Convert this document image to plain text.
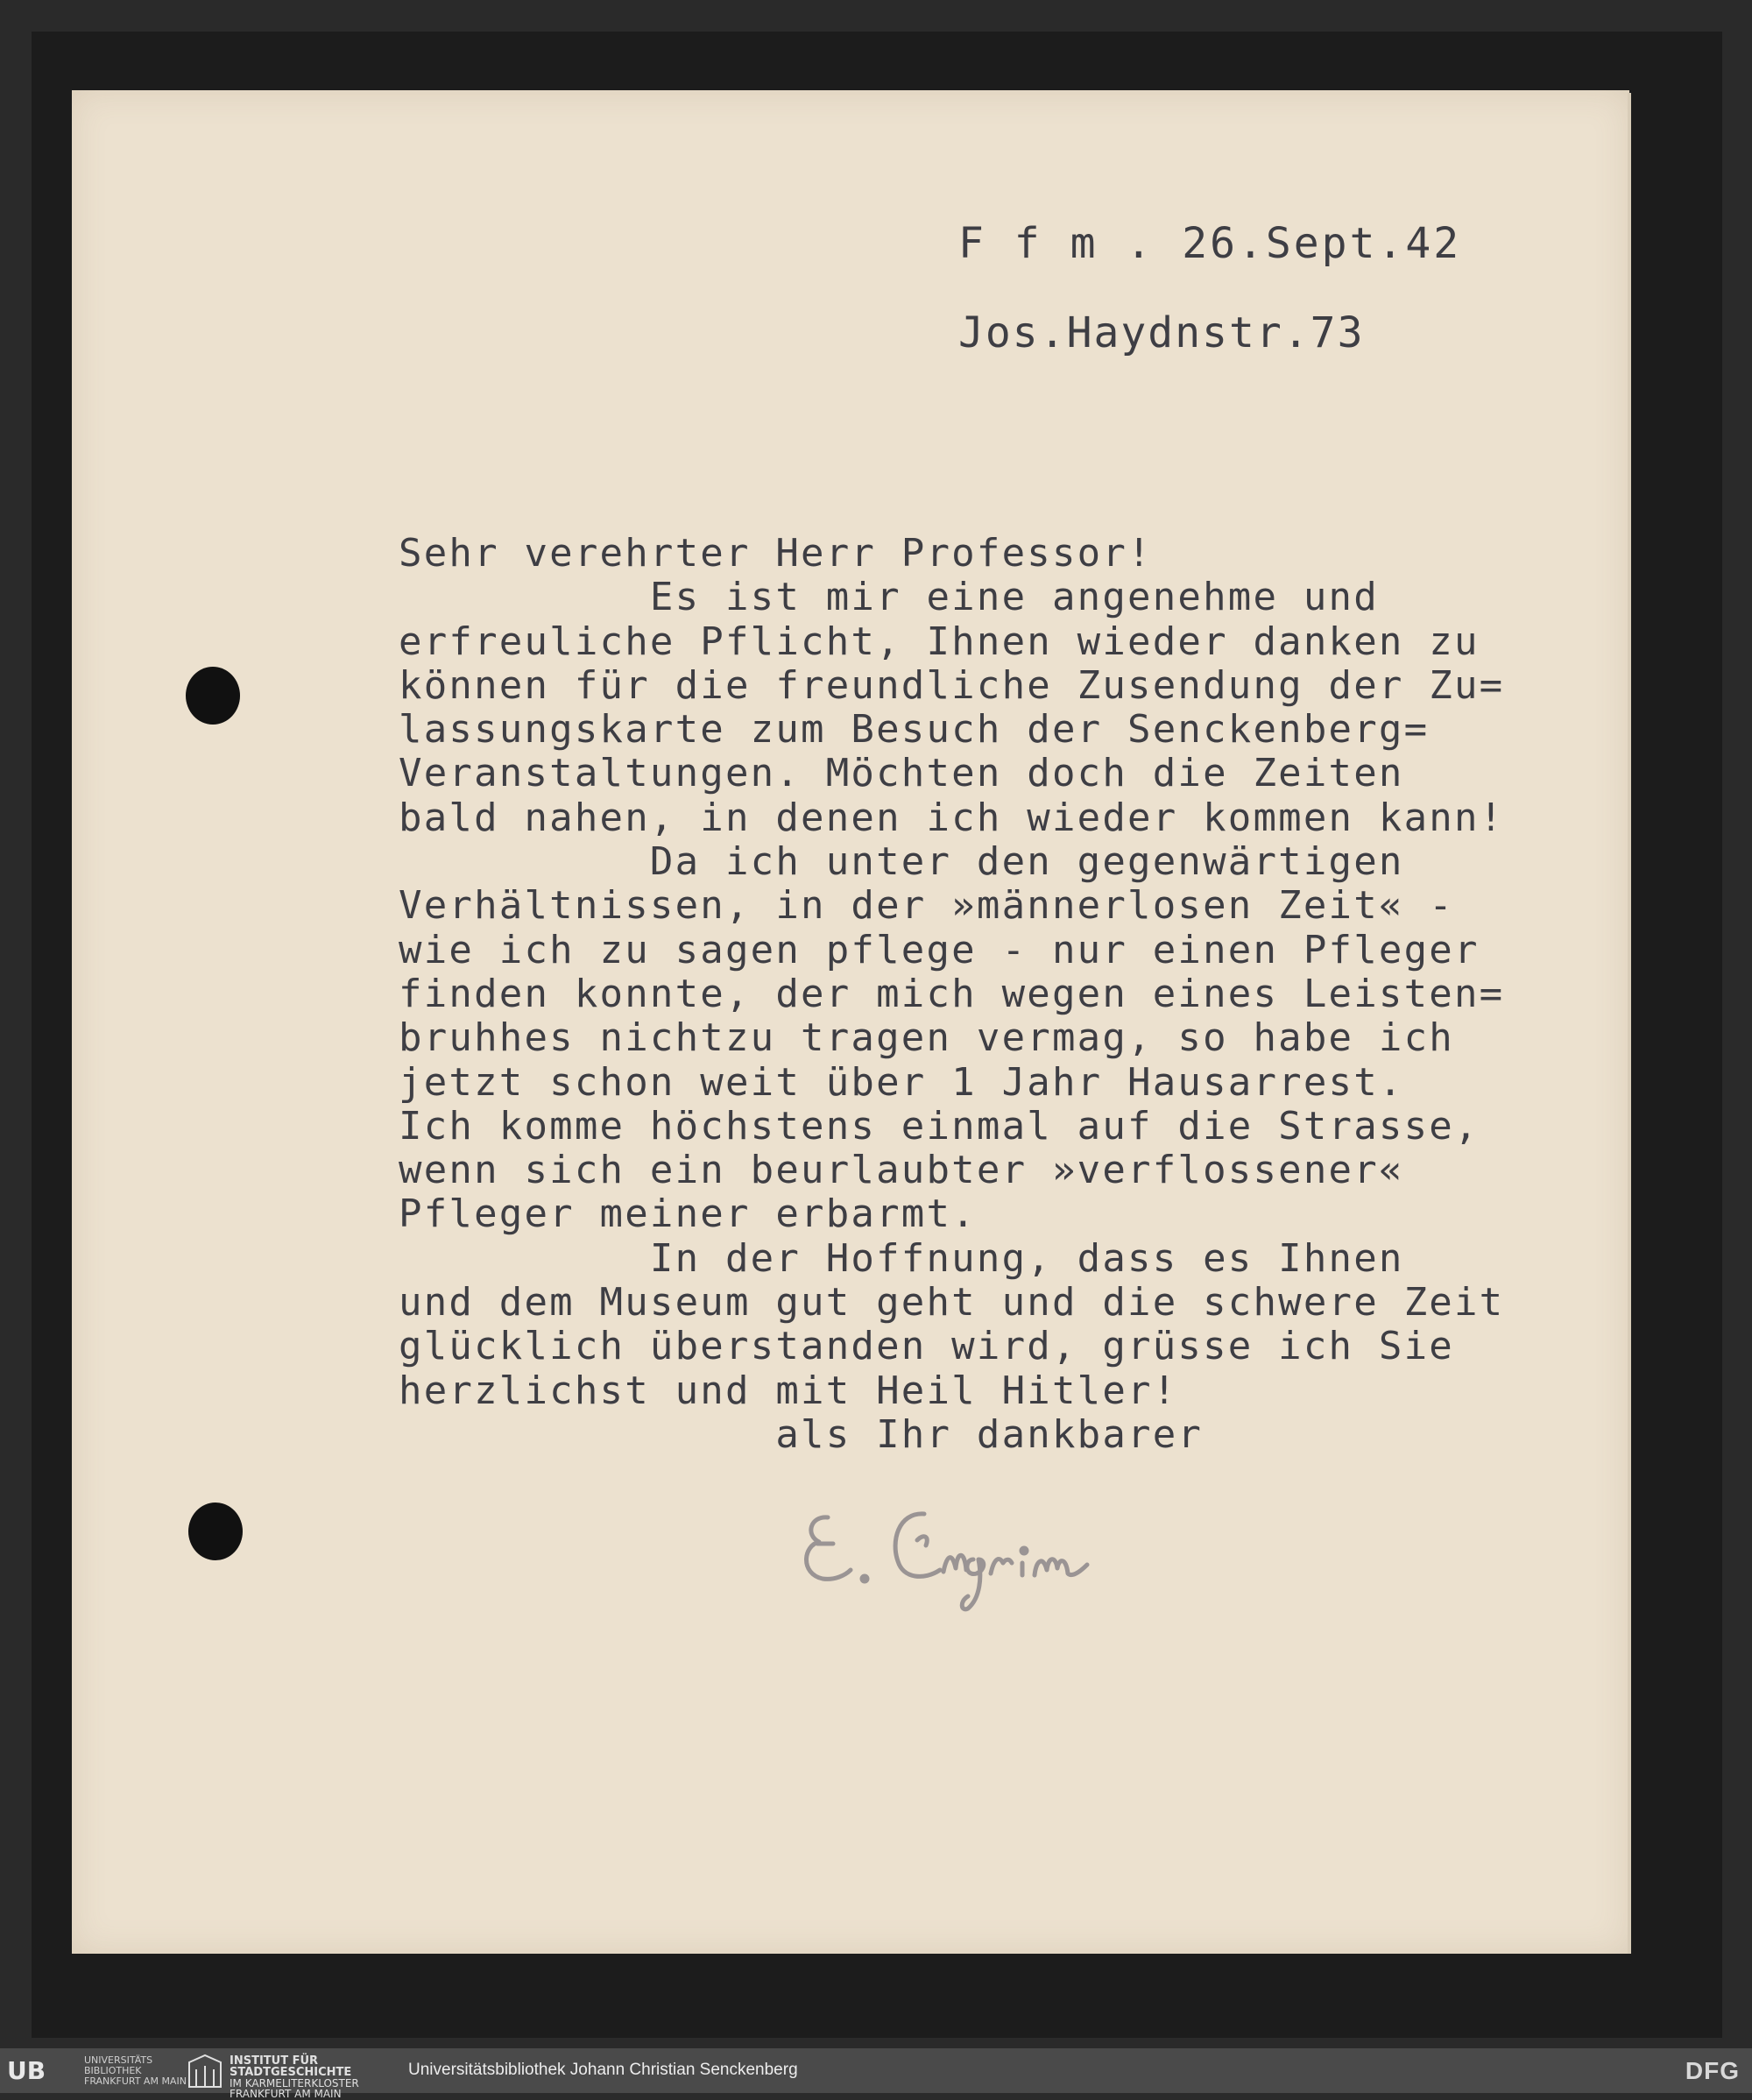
F f m . 26.Sept.42
Jos.Haydnstr.73
Sehr verehrter Herr Professor!
Es ist mir eine angenehme und
erfreuliche Pflicht, Ihnen wieder danken zu
können für die freundliche Zusendung der Zu=
lassungskarte zum Besuch der Senckenberg=
Veranstaltungen. Möchten doch die Zeiten
bald nahen, in denen ich wieder kommen kann!
Da ich unter den gegenwärtigen
Verhältnissen, in der »männerlosen Zeit« -
wie ich zu sagen pflege - nur einen Pfleger
finden konnte, der mich wegen eines Leisten=
bruhhes nichtzu tragen vermag, so habe ich
jetzt schon weit über 1 Jahr Hausarrest.
Ich komme höchstens einmal auf die Strasse,
wenn sich ein beurlaubter »verflossener«
Pfleger meiner erbarmt.
In der Hoffnung, dass es Ihnen
und dem Museum gut geht und die schwere Zeit
glücklich überstanden wird, grüsse ich Sie
herzlichst und mit Heil Hitler!
als Ihr dankbarer
UB	UNIVERSITÄTS
BIBLIOTHEK
FRANKFURT AM MAIN
INSTITUT FÜR
STADTGESCHICHTE
IM KARMELITERKLOSTER
FRANKFURT AM MAIN
Universitätsbibliothek Johann Christian Senckenberg	DFG
